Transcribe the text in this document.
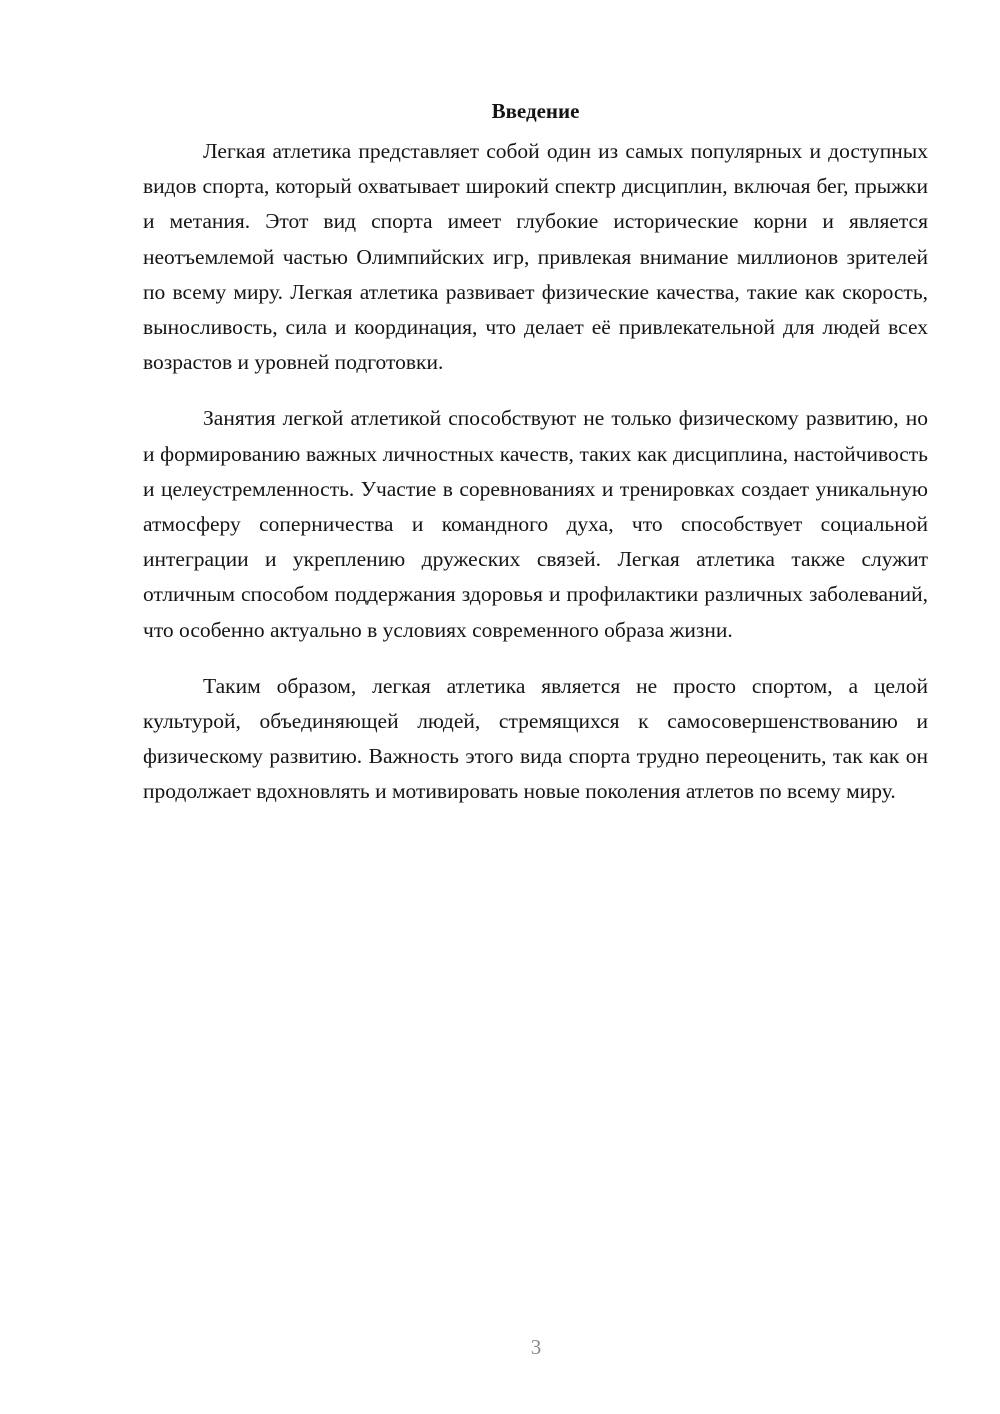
Введение

Легкая атлетика представляет собой один из самых популярных и доступных видов спорта, который охватывает широкий спектр дисциплин, включая бег, прыжки и метания. Этот вид спорта имеет глубокие исторические корни и является неотъемлемой частью Олимпийских игр, привлекая внимание миллионов зрителей по всему миру. Легкая атлетика развивает физические качества, такие как скорость, выносливость, сила и координация, что делает её привлекательной для людей всех возрастов и уровней подготовки.

Занятия легкой атлетикой способствуют не только физическому развитию, но и формированию важных личностных качеств, таких как дисциплина, настойчивость и целеустремленность. Участие в соревнованиях и тренировках создает уникальную атмосферу соперничества и командного духа, что способствует социальной интеграции и укреплению дружеских связей. Легкая атлетика также служит отличным способом поддержания здоровья и профилактики различных заболеваний, что особенно актуально в условиях современного образа жизни.

Таким образом, легкая атлетика является не просто спортом, а целой культурой, объединяющей людей, стремящихся к самосовершенствованию и физическому развитию. Важность этого вида спорта трудно переоценить, так как он продолжает вдохновлять и мотивировать новые поколения атлетов по всему миру.

3
